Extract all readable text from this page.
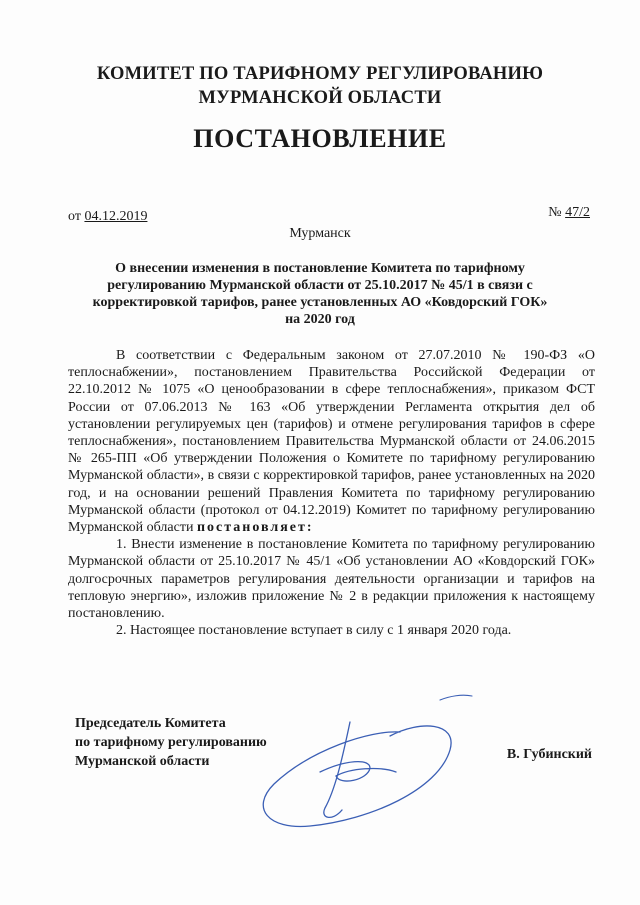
КОМИТЕТ ПО ТАРИФНОМУ РЕГУЛИРОВАНИЮ
МУРМАНСКОЙ ОБЛАСТИ
ПОСТАНОВЛЕНИЕ
от 04.12.2019	№ 47/2
Мурманск
О внесении изменения в постановление Комитета по тарифному
регулированию Мурманской области от 25.10.2017 № 45/1 в связи с
корректировкой тарифов, ранее установленных АО «Ковдорский ГОК»
на 2020 год

В соответствии с Федеральным законом от 27.07.2010 № 190-ФЗ «О теплоснабжении», постановлением Правительства Российской Федерации от 22.10.2012 № 1075 «О ценообразовании в сфере теплоснабжения», приказом ФСТ России от 07.06.2013 № 163 «Об утверждении Регламента открытия дел об установлении регулируемых цен (тарифов) и отмене регулирования тарифов в сфере теплоснабжения», постановлением Правительства Мурманской области от 24.06.2015 № 265-ПП «Об утверждении Положения о Комитете по тарифному регулированию Мурманской области», в связи с корректировкой тарифов, ранее установленных на 2020 год, и на основании решений Правления Комитета по тарифному регулированию Мурманской области (протокол от 04.12.2019) Комитет по тарифному регулированию Мурманской области постановляет:

1. Внести изменение в постановление Комитета по тарифному регулированию Мурманской области от 25.10.2017 № 45/1 «Об установлении АО «Ковдорский ГОК» долгосрочных параметров регулирования деятельности организации и тарифов на тепловую энергию», изложив приложение № 2 в редакции приложения к настоящему постановлению.

2. Настоящее постановление вступает в силу с 1 января 2020 года.

Председатель Комитета
по тарифному регулированию
Мурманской области	В. Губинский
